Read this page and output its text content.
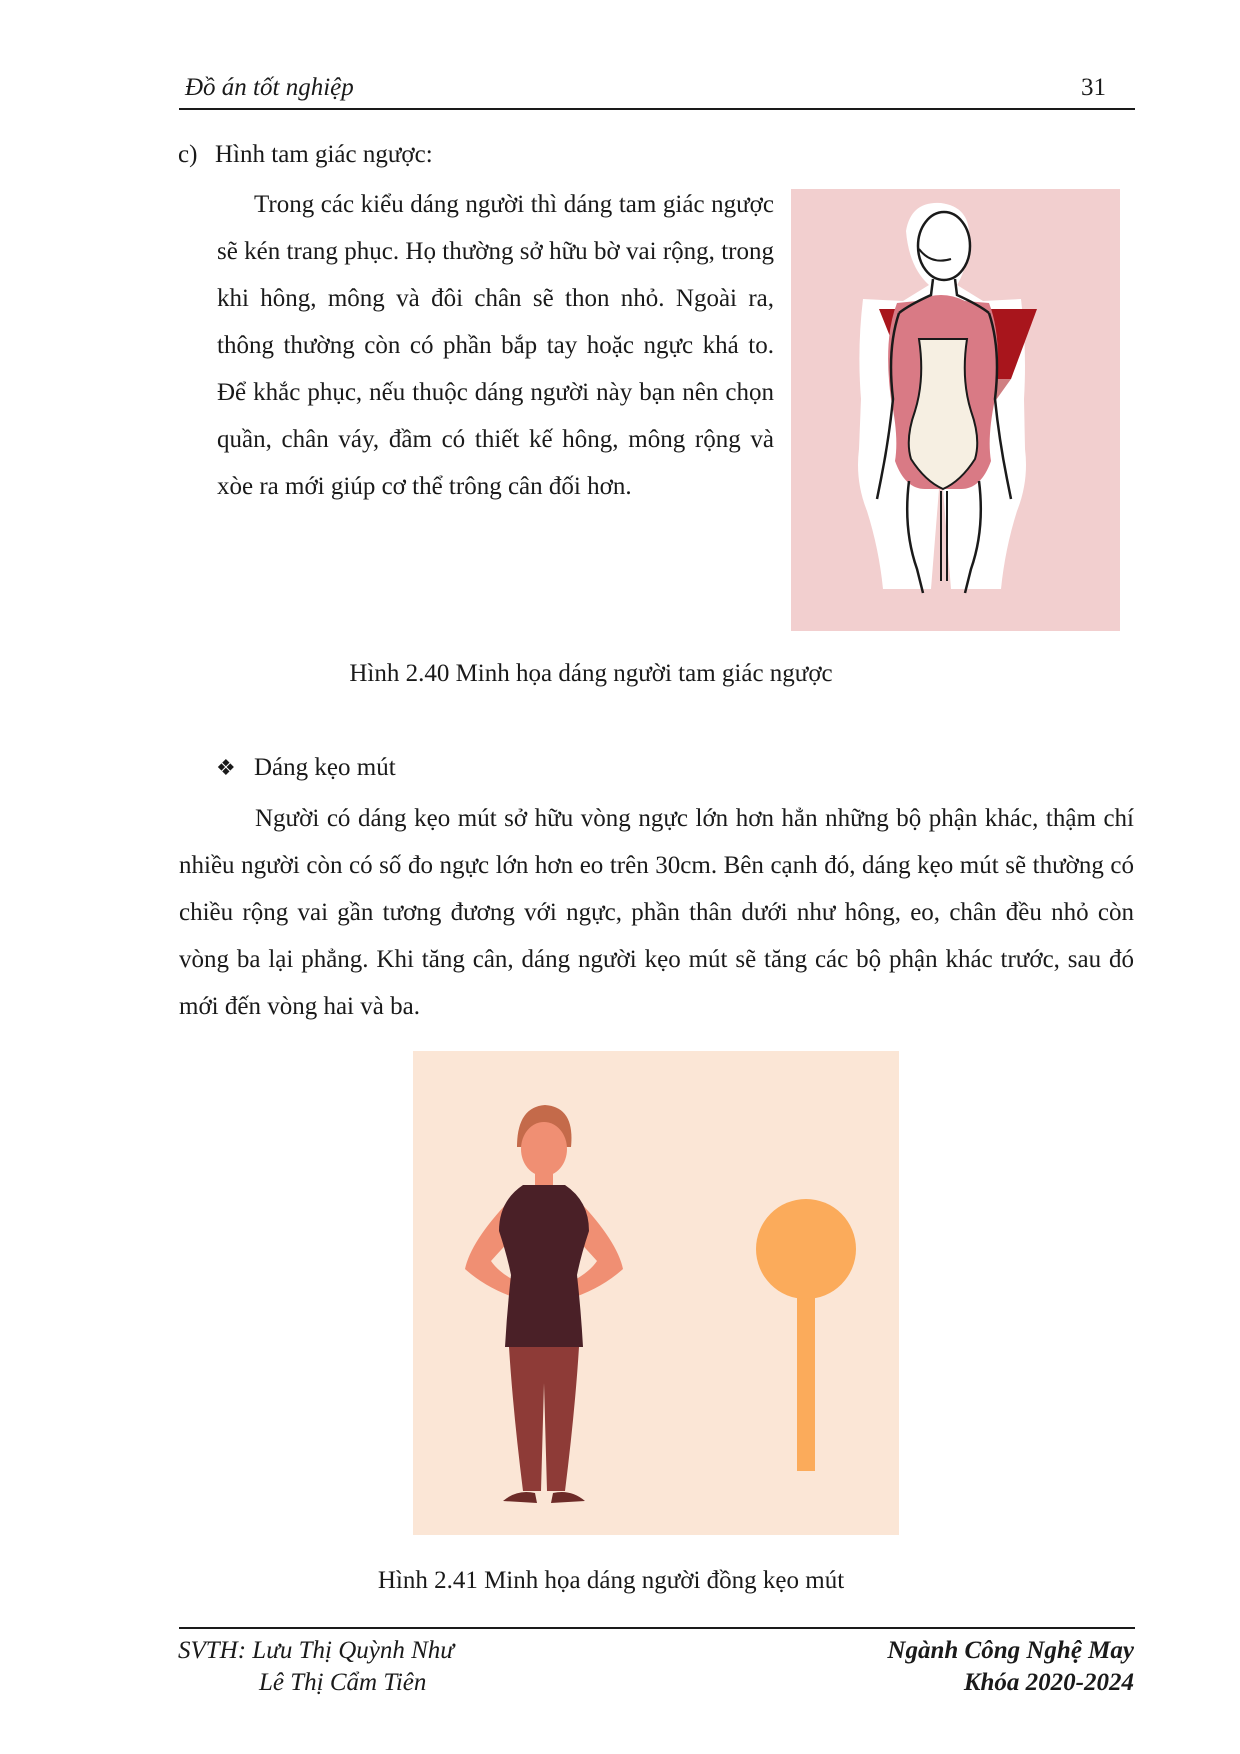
Đồ án tốt nghiệp	31
c) Hình tam giác ngược:

Trong các kiểu dáng người thì dáng tam giác ngược sẽ kén trang phục. Họ thường sở hữu bờ vai rộng, trong khi hông, mông và đôi chân sẽ thon nhỏ. Ngoài ra, thông thường còn có phần bắp tay hoặc ngực khá to. Để khắc phục, nếu thuộc dáng người này bạn nên chọn quần, chân váy, đầm có thiết kế hông, mông rộng và xòe ra mới giúp cơ thể trông cân đối hơn.

Hình 2.40 Minh họa dáng người tam giác ngược
❖ Dáng kẹo mút

Người có dáng kẹo mút sở hữu vòng ngực lớn hơn hẳn những bộ phận khác, thậm chí nhiều người còn có số đo ngực lớn hơn eo trên 30cm. Bên cạnh đó, dáng kẹo mút sẽ thường có chiều rộng vai gần tương đương với ngực, phần thân dưới như hông, eo, chân đều nhỏ còn vòng ba lại phẳng. Khi tăng cân, dáng người kẹo mút sẽ tăng các bộ phận khác trước, sau đó mới đến vòng hai và ba.

Hình 2.41 Minh họa dáng người đồng kẹo mút
SVTH: Lưu Thị Quỳnh Như
Lê Thị Cẩm Tiên
Ngành Công Nghệ May
Khóa 2020-2024
